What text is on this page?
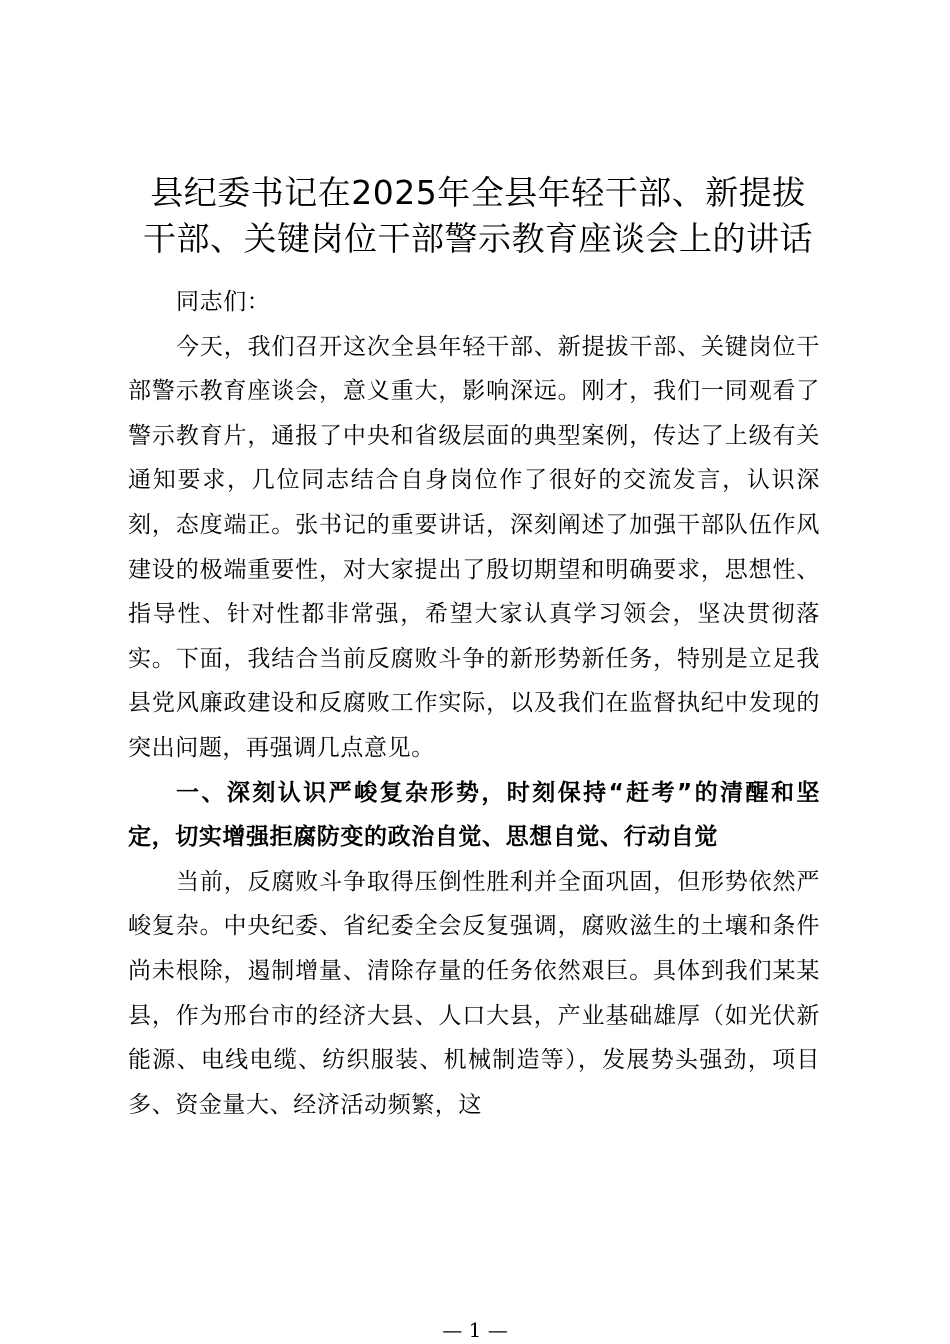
县纪委书记在2025年全县年轻干部、新提拔
干部、关键岗位干部警示教育座谈会上的讲话

同志们：

今天，我们召开这次全县年轻干部、新提拔干部、关键岗位干部警示教育座谈会，意义重大，影响深远。刚才，我们一同观看了警示教育片，通报了中央和省级层面的典型案例，传达了上级有关通知要求，几位同志结合自身岗位作了很好的交流发言，认识深刻，态度端正。张书记的重要讲话，深刻阐述了加强干部队伍作风建设的极端重要性，对大家提出了殷切期望和明确要求，思想性、指导性、针对性都非常强，希望大家认真学习领会，坚决贯彻落实。下面，我结合当前反腐败斗争的新形势新任务，特别是立足我县党风廉政建设和反腐败工作实际，以及我们在监督执纪中发现的突出问题，再强调几点意见。

一、深刻认识严峻复杂形势，时刻保持“赶考”的清醒和坚定，切实增强拒腐防变的政治自觉、思想自觉、行动自觉

当前，反腐败斗争取得压倒性胜利并全面巩固，但形势依然严峻复杂。中央纪委、省纪委全会反复强调，腐败滋生的土壤和条件尚未根除，遏制增量、清除存量的任务依然艰巨。具体到我们某某县，作为邢台市的经济大县、人口大县，产业基础雄厚（如光伏新能源、电线电缆、纺织服装、机械制造等），发展势头强劲，项目多、资金量大、经济活动频繁，这

— 1 —
